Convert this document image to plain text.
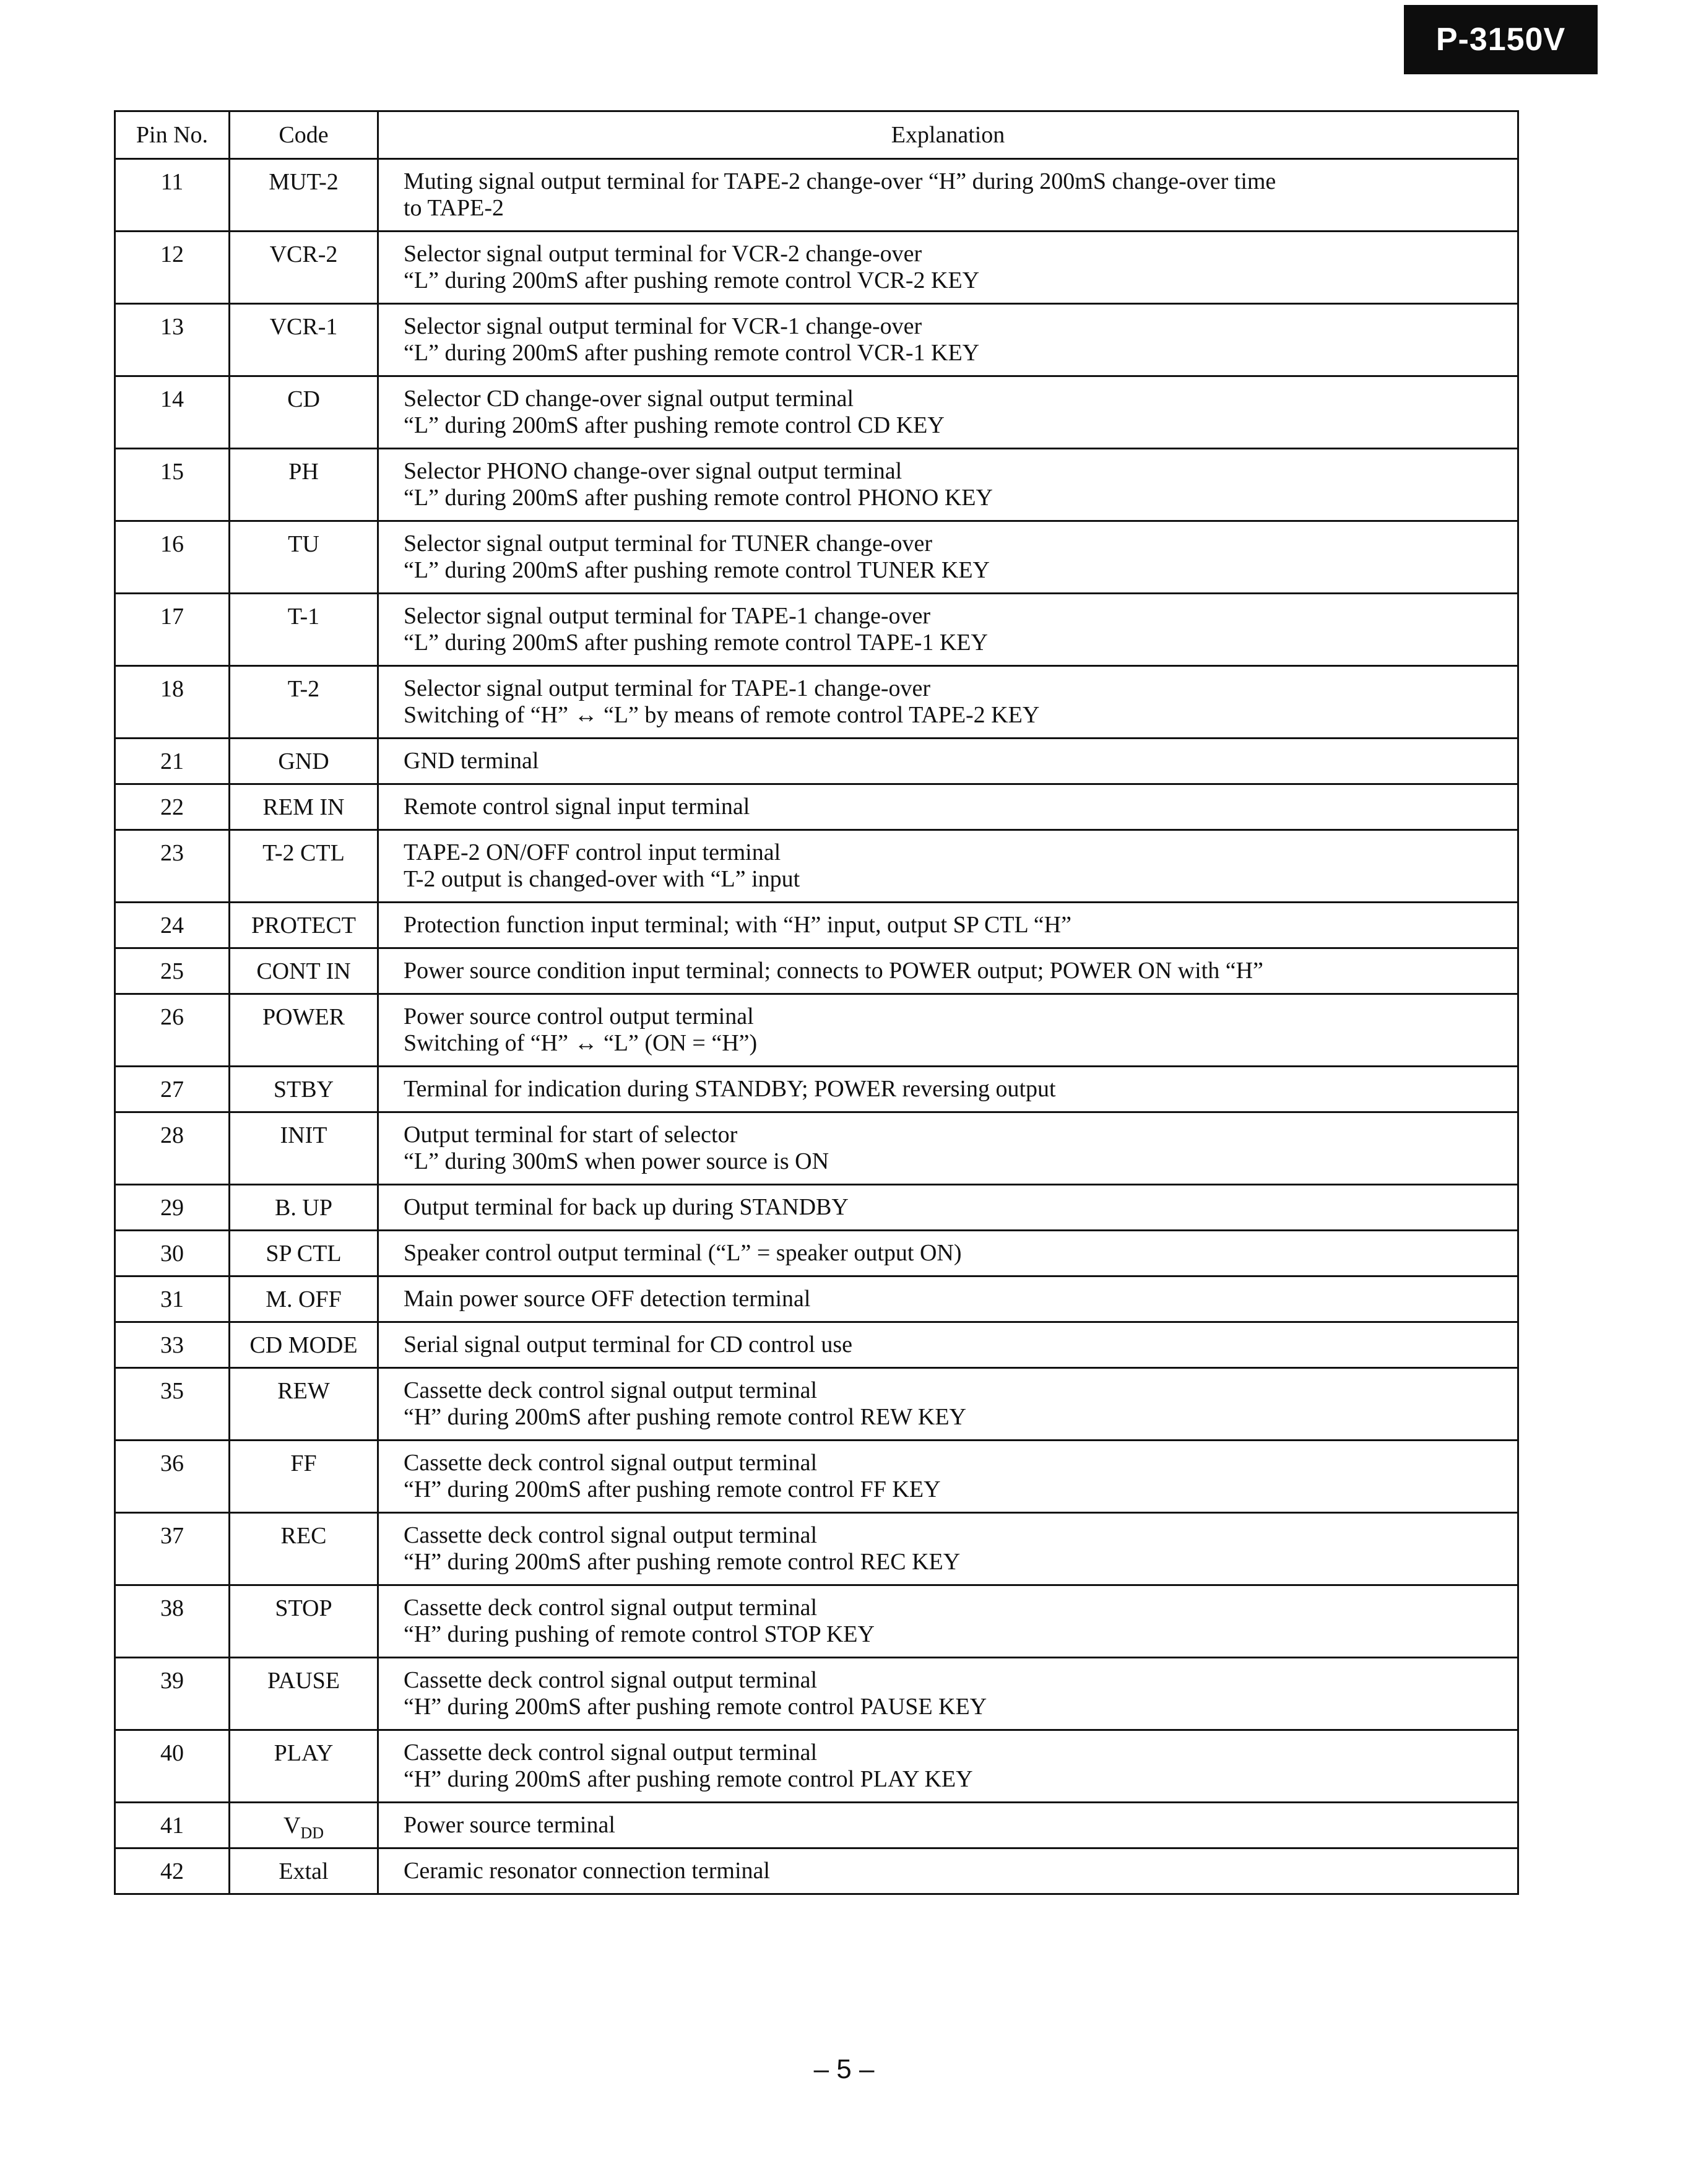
P-3150V
Pin No.	Code	Explanation
11	MUT-2	Muting signal output terminal for TAPE-2 change-over “H” during 200mS change-over time
to TAPE-2

12	VCR-2	Selector signal output terminal for VCR-2 change-over
“L” during 200mS after pushing remote control VCR-2 KEY

13	VCR-1	Selector signal output terminal for VCR-1 change-over
“L” during 200mS after pushing remote control VCR-1 KEY

14	CD	Selector CD change-over signal output terminal
“L” during 200mS after pushing remote control CD KEY

15	PH	Selector PHONO change-over signal output terminal
“L” during 200mS after pushing remote control PHONO KEY

16	TU	Selector signal output terminal for TUNER change-over
“L” during 200mS after pushing remote control TUNER KEY

17	T-1	Selector signal output terminal for TAPE-1 change-over
“L” during 200mS after pushing remote control TAPE-1 KEY

18	T-2	Selector signal output terminal for TAPE-1 change-over
Switching of “H” ↔ “L” by means of remote control TAPE-2 KEY

21	GND	GND terminal

22	REM IN	Remote control signal input terminal

23	T-2 CTL	TAPE-2 ON/OFF control input terminal
T-2 output is changed-over with “L” input

24	PROTECT	Protection function input terminal; with “H” input, output SP CTL “H”

25	CONT IN	Power source condition input terminal; connects to POWER output; POWER ON with “H”

26	POWER	Power source control output terminal
Switching of “H” ↔ “L” (ON = “H”)

27	STBY	Terminal for indication during STANDBY; POWER reversing output

28	INIT	Output terminal for start of selector
“L” during 300mS when power source is ON

29	B. UP	Output terminal for back up during STANDBY

30	SP CTL	Speaker control output terminal (“L” = speaker output ON)

31	M. OFF	Main power source OFF detection terminal

33	CD MODE	Serial signal output terminal for CD control use

35	REW	Cassette deck control signal output terminal
“H” during 200mS after pushing remote control REW KEY

36	FF	Cassette deck control signal output terminal
“H” during 200mS after pushing remote control FF KEY

37	REC	Cassette deck control signal output terminal
“H” during 200mS after pushing remote control REC KEY

38	STOP	Cassette deck control signal output terminal
“H” during pushing of remote control STOP KEY

39	PAUSE	Cassette deck control signal output terminal
“H” during 200mS after pushing remote control PAUSE KEY

40	PLAY	Cassette deck control signal output terminal
“H” during 200mS after pushing remote control PLAY KEY

41	$V_{DD}$	Power source terminal

42	Extal	Ceramic resonator connection terminal
– 5 –
